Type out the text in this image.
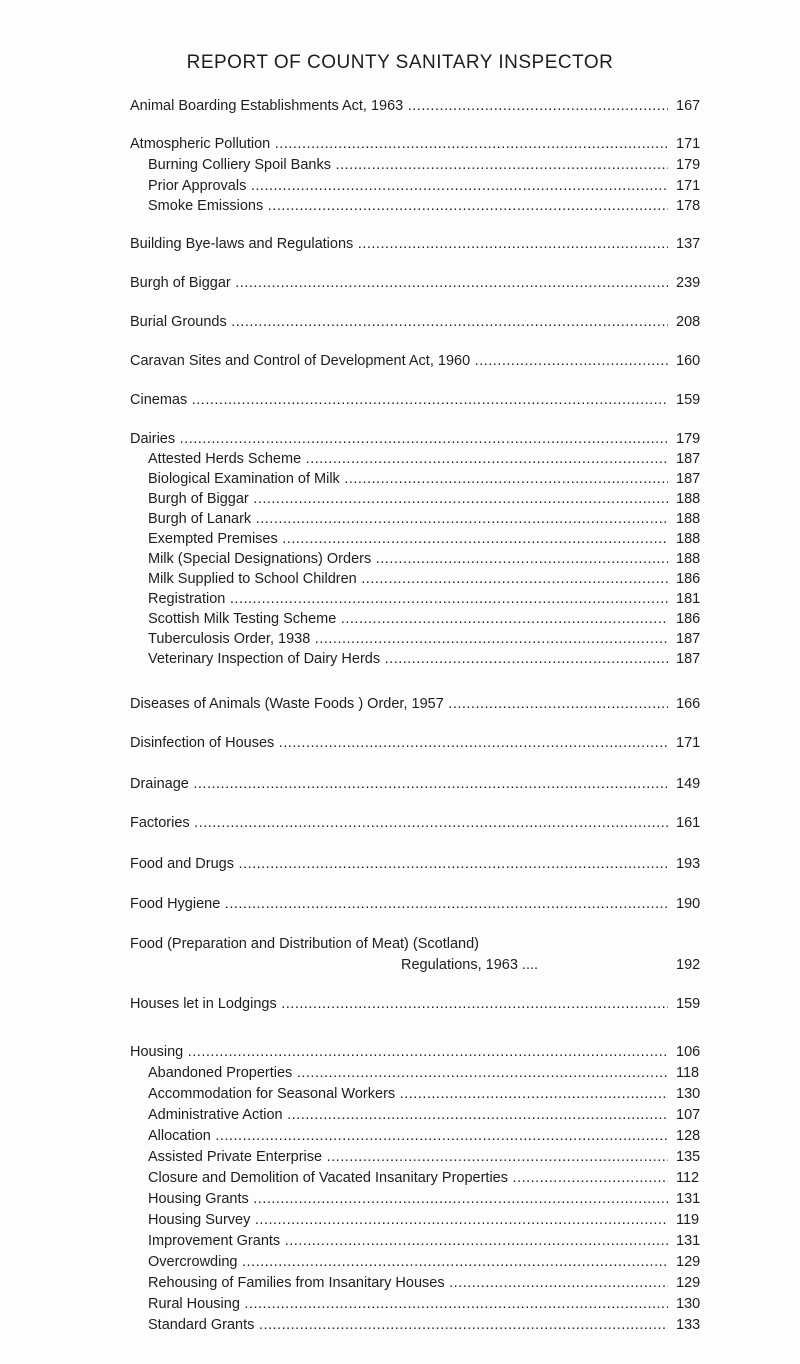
REPORT OF COUNTY SANITARY INSPECTOR
Animal Boarding Establishments Act, 1963 .....	167
Atmospheric Pollution .....	171
Burning Colliery Spoil Banks .....	179
Prior Approvals .....	171
Smoke Emissions .....	178
Building Bye-laws and Regulations .....	137
Burgh of Biggar .....	239
Burial Grounds .....	208
Caravan Sites and Control of Development Act, 1960 .....	160
Cinemas .....	159
Dairies .....	179
Attested Herds Scheme .....	187
Biological Examination of Milk .....	187
Burgh of Biggar .....	188
Burgh of Lanark .....	188
Exempted Premises .....	188
Milk (Special Designations) Orders .....	188
Milk Supplied to School Children .....	186
Registration .....	181
Scottish Milk Testing Scheme .....	186
Tuberculosis Order, 1938 .....	187
Veterinary Inspection of Dairy Herds .....	187
Diseases of Animals (Waste Foods ) Order, 1957 .....	166
Disinfection of Houses .....	171
Drainage .....	149
Factories .....	161
Food and Drugs .....	193
Food Hygiene .....	190
Food (Preparation and Distribution of Meat) (Scotland)
Regulations, 1963 ....	192
Houses let in Lodgings .....	159
Housing .....	106
Abandoned Properties .....	118
Accommodation for Seasonal Workers .....	130
Administrative Action .....	107
Allocation .....	128
Assisted Private Enterprise .....	135
Closure and Demolition of Vacated Insanitary Properties .....	112
Housing Grants .....	131
Housing Survey .....	119
Improvement Grants .....	131
Overcrowding .....	129
Rehousing of Families from Insanitary Houses .....	129
Rural Housing .....	130
Standard Grants .....	133
